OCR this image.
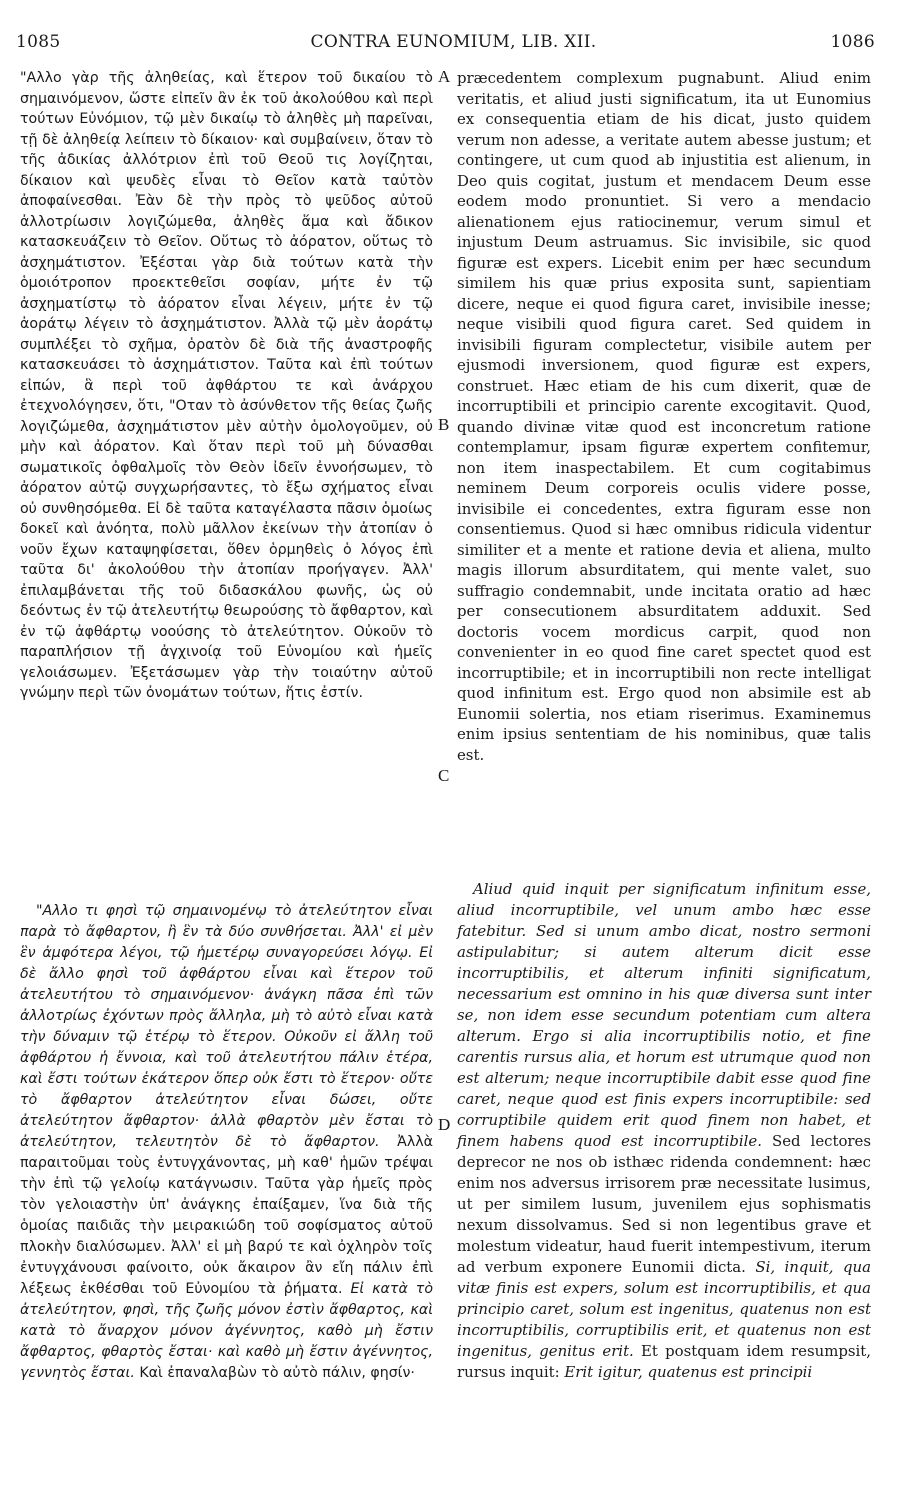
1085	CONTRA EUNOMIUM, LIB. XII.	1086
A
B
C
D

"Αλλο γὰρ τῆς ἀληθείας, καὶ ἕτερον τοῦ δικαίου τὸ σημαινόμενον, ὥστε εἰπεῖν ἂν ἐκ τοῦ ἀκολούθου καὶ περὶ τούτων Εὐνόμιον, τῷ μὲν δικαίῳ τὸ ἀληθὲς μὴ παρεῖναι, τῇ δὲ ἀληθείᾳ λείπειν τὸ δίκαιον· καὶ συμβαίνειν, ὅταν τὸ τῆς ἀδικίας ἀλλότριον ἐπὶ τοῦ Θεοῦ τις λογίζηται, δίκαιον καὶ ψευδὲς εἶναι τὸ Θεῖον κατὰ ταὐτὸν ἀποφαίνεσθαι. Ἐὰν δὲ τὴν πρὸς τὸ ψεῦδος αὐτοῦ ἀλλοτρίωσιν λογιζώμεθα, ἀληθὲς ἅμα καὶ ἄδικον κατασκευάζειν τὸ Θεῖον. Οὕτως τὸ ἀόρατον, οὕτως τὸ ἀσχημάτιστον. Ἐξέσται γὰρ διὰ τούτων κατὰ τὴν ὁμοιότροπον προεκτεθεῖσι σοφίαν, μήτε ἐν τῷ ἀσχηματίστῳ τὸ ἀόρατον εἶναι λέγειν, μήτε ἐν τῷ ἀοράτῳ λέγειν τὸ ἀσχημάτιστον. Ἀλλὰ τῷ μὲν ἀοράτῳ συμπλέξει τὸ σχῆμα, ὁρατὸν δὲ διὰ τῆς ἀναστροφῆς κατασκευάσει τὸ ἀσχημάτιστον. Ταῦτα καὶ ἐπὶ τούτων εἰπών, ἃ περὶ τοῦ ἀφθάρτου τε καὶ ἀνάρχου ἐτεχνολόγησεν, ὅτι, "Οταν τὸ ἀσύνθετον τῆς θείας ζωῆς λογιζώμεθα, ἀσχημάτιστον μὲν αὐτὴν ὁμολογοῦμεν, οὐ μὴν καὶ ἀόρατον. Καὶ ὅταν περὶ τοῦ μὴ δύνασθαι σωματικοῖς ὀφθαλμοῖς τὸν Θεὸν ἰδεῖν ἐννοήσωμεν, τὸ ἀόρατον αὐτῷ συγχωρήσαντες, τὸ ἔξω σχήματος εἶναι οὐ συνθησόμεθα. Εἰ δὲ ταῦτα καταγέλαστα πᾶσιν ὁμοίως δοκεῖ καὶ ἀνόητα, πολὺ μᾶλλον ἐκείνων τὴν ἀτοπίαν ὁ νοῦν ἔχων καταψηφίσεται, ὅθεν ὁρμηθεὶς ὁ λόγος ἐπὶ ταῦτα δι' ἀκολούθου τὴν ἀτοπίαν προήγαγεν. Ἀλλ' ἐπιλαμβάνεται τῆς τοῦ διδασκάλου φωνῆς, ὡς οὐ δεόντως ἐν τῷ ἀτελευτήτῳ θεωρούσης τὸ ἄφθαρτον, καὶ ἐν τῷ ἀφθάρτῳ νοούσης τὸ ἀτελεύτητον. Οὐκοῦν τὸ παραπλήσιον τῇ ἀγχινοίᾳ τοῦ Εὐνομίου καὶ ἡμεῖς γελοιάσωμεν. Ἐξετάσωμεν γὰρ τὴν τοιαύτην αὐτοῦ γνώμην περὶ τῶν ὀνομάτων τούτων, ἥτις ἐστίν.

"Αλλο τι φησὶ τῷ σημαινομένῳ τὸ ἀτελεύτητον εἶναι παρὰ τὸ ἄφθαρτον, ἢ ἓν τὰ δύο συνθήσεται. Ἀλλ' εἰ μὲν ἓν ἀμφότερα λέγοι, τῷ ἡμετέρῳ συναγορεύσει λόγῳ. Εἰ δὲ ἄλλο φησὶ τοῦ ἀφθάρτου εἶναι καὶ ἕτερον τοῦ ἀτελευτήτου τὸ σημαινόμενον· ἀνάγκη πᾶσα ἐπὶ τῶν ἀλλοτρίως ἐχόντων πρὸς ἄλληλα, μὴ τὸ αὐτὸ εἶναι κατὰ τὴν δύναμιν τῷ ἑτέρῳ τὸ ἕτερον. Οὐκοῦν εἰ ἄλλη τοῦ ἀφθάρτου ἡ ἔννοια, καὶ τοῦ ἀτελευτήτου πάλιν ἑτέρα, καὶ ἔστι τούτων ἑκάτερον ὅπερ οὐκ ἔστι τὸ ἕτερον· οὔτε τὸ ἄφθαρτον ἀτελεύτητον εἶναι δώσει, οὔτε ἀτελεύτητον ἄφθαρτον· ἀλλὰ φθαρτὸν μὲν ἔσται τὸ ἀτελεύτητον, τελευτητὸν δὲ τὸ ἄφθαρτον. Ἀλλὰ παραιτοῦμαι τοὺς ἐντυγχάνοντας, μὴ καθ' ἡμῶν τρέψαι τὴν ἐπὶ τῷ γελοίῳ κατάγνωσιν. Ταῦτα γὰρ ἡμεῖς πρὸς τὸν γελοιαστὴν ὑπ' ἀνάγκης ἐπαίξαμεν, ἵνα διὰ τῆς ὁμοίας παιδιᾶς τὴν μειρακιώδη τοῦ σοφίσματος αὐτοῦ πλοκὴν διαλύσωμεν. Ἀλλ' εἰ μὴ βαρύ τε καὶ ὀχληρὸν τοῖς ἐντυγχάνουσι φαίνοιτο, οὐκ ἄκαιρον ἂν εἴη πάλιν ἐπὶ λέξεως ἐκθέσθαι τοῦ Εὐνομίου τὰ ῥήματα. Εἰ κατὰ τὸ ἀτελεύτητον, φησὶ, τῆς ζωῆς μόνον ἐστὶν ἄφθαρτος, καὶ κατὰ τὸ ἄναρχον μόνον ἀγέννητος, καθὸ μὴ ἔστιν ἄφθαρτος, φθαρτὸς ἔσται· καὶ καθὸ μὴ ἔστιν ἀγέννητος, γεννητὸς ἔσται. Καὶ ἐπαναλαβὼν τὸ αὐτὸ πάλιν, φησίν·

præcedentem complexum pugnabunt. Aliud enim veritatis, et aliud justi significatum, ita ut Eunomius ex consequentia etiam de his dicat, justo quidem verum non adesse, a veritate autem abesse justum; et contingere, ut cum quod ab injustitia est alienum, in Deo quis cogitat, justum et mendacem Deum esse eodem modo pronuntiet. Si vero a mendacio alienationem ejus ratiocinemur, verum simul et injustum Deum astruamus. Sic invisibile, sic quod figuræ est expers. Licebit enim per hæc secundum similem his quæ prius exposita sunt, sapientiam dicere, neque ei quod figura caret, invisibile inesse; neque visibili quod figura caret. Sed quidem in invisibili figuram complectetur, visibile autem per ejusmodi inversionem, quod figuræ est expers, construet. Hæc etiam de his cum dixerit, quæ de incorruptibili et principio carente excogitavit. Quod, quando divinæ vitæ quod est inconcretum ratione contemplamur, ipsam figuræ expertem confitemur, non item inaspectabilem. Et cum cogitabimus neminem Deum corporeis oculis videre posse, invisibile ei concedentes, extra figuram esse non consentiemus. Quod si hæc omnibus ridicula videntur similiter et a mente et ratione devia et aliena, multo magis illorum absurditatem, qui mente valet, suo suffragio condemnabit, unde incitata oratio ad hæc per consecutionem absurditatem adduxit. Sed doctoris vocem mordicus carpit, quod non convenienter in eo quod fine caret spectet quod est incorruptibile; et in incorruptibili non recte intelligat quod infinitum est. Ergo quod non absimile est ab Eunomii solertia, nos etiam riserimus. Examinemus enim ipsius sententiam de his nominibus, quæ talis est.

Aliud quid inquit per significatum infinitum esse, aliud incorruptibile, vel unum ambo hæc esse fatebitur. Sed si unum ambo dicat, nostro sermoni astipulabitur; si autem alterum dicit esse incorruptibilis, et alterum infiniti significatum, necessarium est omnino in his quæ diversa sunt inter se, non idem esse secundum potentiam cum altera alterum. Ergo si alia incorruptibilis notio, et fine carentis rursus alia, et horum est utrumque quod non est alterum; neque incorruptibile dabit esse quod fine caret, neque quod est finis expers incorruptibile: sed corruptibile quidem erit quod finem non habet, et finem habens quod est incorruptibile. Sed lectores deprecor ne nos ob isthæc ridenda condemnent: hæc enim nos adversus irrisorem præ necessitate lusimus, ut per similem lusum, juvenilem ejus sophismatis nexum dissolvamus. Sed si non legentibus grave et molestum videatur, haud fuerit intempestivum, iterum ad verbum exponere Eunomii dicta. Si, inquit, qua vitæ finis est expers, solum est incorruptibilis, et qua principio caret, solum est ingenitus, quatenus non est incorruptibilis, corruptibilis erit, et quatenus non est ingenitus, genitus erit. Et postquam idem resumpsit, rursus inquit: Erit igitur, quatenus est principii
